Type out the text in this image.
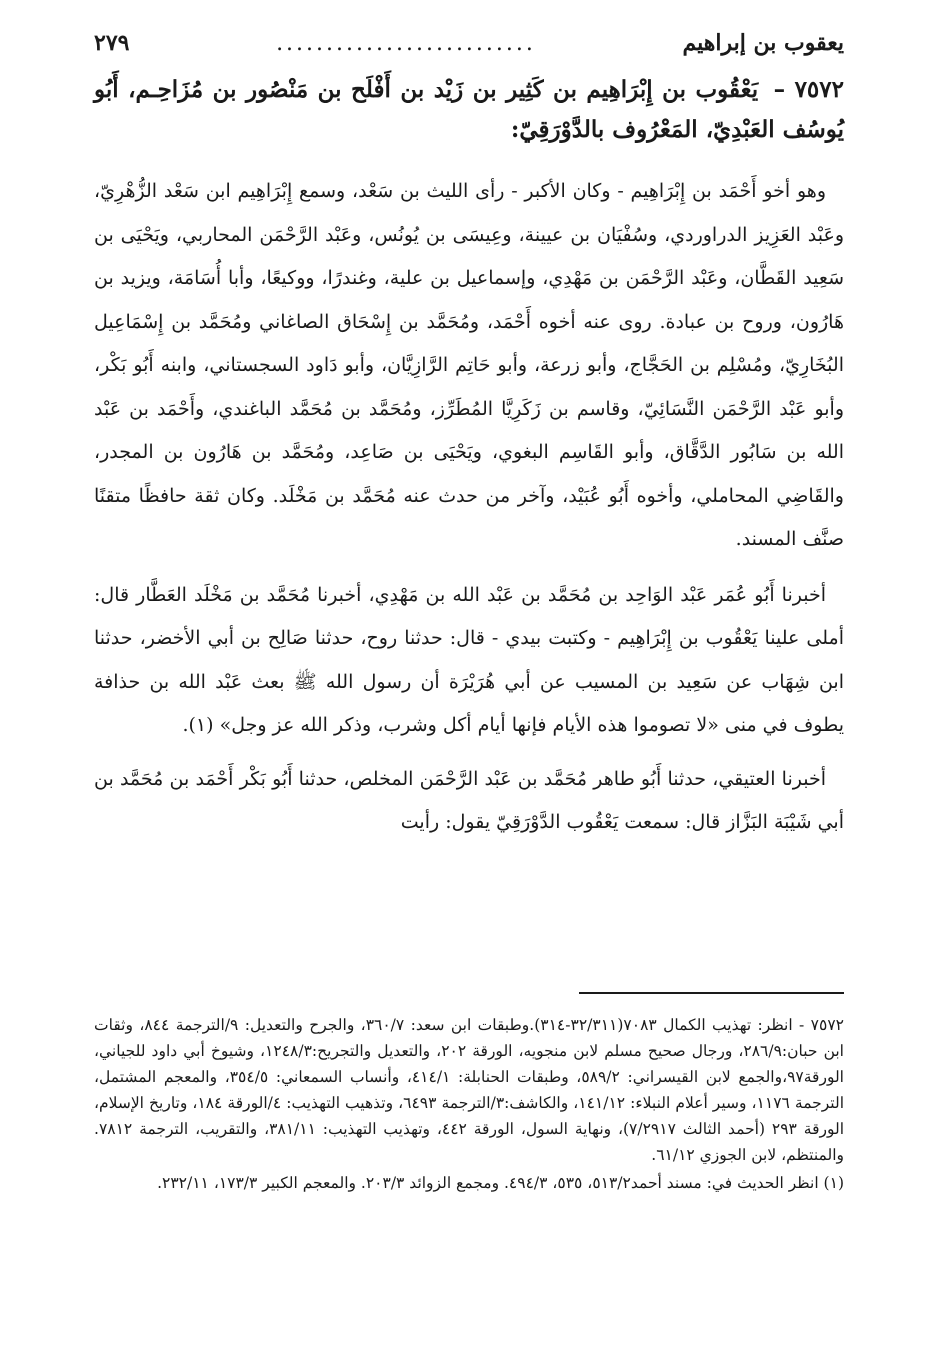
يعقوب بن إبراهيم
..........................
٢٧٩
٧٥٧٢ – يَعْقُوب بن إِبْرَاهِيم بن كَثِير بن زَيْد بن أَفْلَح بن مَنْصُور بن مُزَاحِـم، أَبُو يُوسُف العَبْدِيّ، المَعْرُوف بالدَّوْرَقِيّ:

وهو أخو أَحْمَد بن إِبْرَاهِيم - وكان الأكبر - رأى الليث بن سَعْد، وسمع إِبْرَاهِيم ابن سَعْد الزُّهْرِيّ، وعَبْد العَزِيز الدراوردي، وسُفْيَان بن عيينة، وعِيسَى بن يُونُس، وعَبْد الرَّحْمَن المحاربي، ويَحْيَى بن سَعِيد القَطَّان، وعَبْد الرَّحْمَن بن مَهْدِي، وإسماعيل بن علية، وغندرًا، ووكيعًا، وأبا أُسَامَة، ويزيد بن هَارُون، وروح بن عبادة. روى عنه أخوه أَحْمَد، ومُحَمَّد بن إِسْحَاق الصاغاني ومُحَمَّد بن إِسْمَاعِيل البُخَارِيّ، ومُسْلِم بن الحَجَّاج، وأبو زرعة، وأبو حَاتِم الرَّازِيَّان، وأبو دَاود السجستاني، وابنه أَبُو بَكْر، وأبو عَبْد الرَّحْمَن النَّسَائِيّ، وقاسم بن زَكَرِيَّا المُطَرِّز، ومُحَمَّد بن مُحَمَّد الباغندي، وأَحْمَد بن عَبْد الله بن سَابُور الدَّقَّاق، وأبو القَاسِم البغوي، ويَحْيَى بن صَاعِد، ومُحَمَّد بن هَارُون بن المجدر، والقَاضِي المحاملي، وأخوه أَبُو عُبَيْد، وآخر من حدث عنه مُحَمَّد بن مَخْلَد. وكان ثقة حافظًا متقنًا صنَّف المسند.

أخبرنا أَبُو عُمَر عَبْد الوَاحِد بن مُحَمَّد بن عَبْد الله بن مَهْدِي، أخبرنا مُحَمَّد بن مَخْلَد العَطَّار قال: أملى علينا يَعْقُوب بن إِبْرَاهِيم - وكتبت بيدي - قال: حدثنا روح، حدثنا صَالِح بن أبي الأخضر، حدثنا ابن شِهَاب عن سَعِيد بن المسيب عن أبي هُرَيْرَة أن رسول الله ﷺ بعث عَبْد الله بن حذافة يطوف في منى «لا تصوموا هذه الأيام فإنها أيام أكل وشرب، وذكر الله عز وجل» (١).

أخبرنا العتيقي، حدثنا أَبُو طاهر مُحَمَّد بن عَبْد الرَّحْمَن المخلص، حدثنا أَبُو بَكْر أَحْمَد بن مُحَمَّد بن أبي شَيْبَة البَزَّاز قال: سمعت يَعْقُوب الدَّوْرَقِيّ يقول: رأيت

٧٥٧٢ - انظر: تهذيب الكمال ٧٠٨٣(٣٢/٣١١-٣١٤).وطبقات ابن سعد: ٣٦٠/٧، والجرح والتعديل: ٩/الترجمة ٨٤٤، وثقات ابن حبان:٢٨٦/٩، ورجال صحيح مسلم لابن منجويه، الورقة ٢٠٢، والتعديل والتجريح:١٢٤٨/٣، وشيوخ أبي داود للجياني، الورقة٩٧،والجمع لابن القيسراني: ٥٨٩/٢، وطبقات الحنابلة: ٤١٤/١، وأنساب السمعاني: ٣٥٤/٥، والمعجم المشتمل، الترجمة ١١٧٦، وسير أعلام النبلاء: ١٤١/١٢، والكاشف:٣/الترجمة ٦٤٩٣، وتذهيب التهذيب: ٤/الورقة ١٨٤، وتاريخ الإسلام، الورقة ٢٩٣ (أحمد الثالث ٧/٢٩١٧)، ونهاية السول، الورقة ٤٤٢، وتهذيب التهذيب: ٣٨١/١١، والتقريب، الترجمة ٧٨١٢. والمنتظم، لابن الجوزي ٦١/١٢.

(١) انظر الحديث في: مسند أحمد٥١٣/٢، ٥٣٥، ٤٩٤/٣. ومجمع الزوائد ٢٠٣/٣. والمعجم الكبير ١٧٣/٣، ٢٣٢/١١.
